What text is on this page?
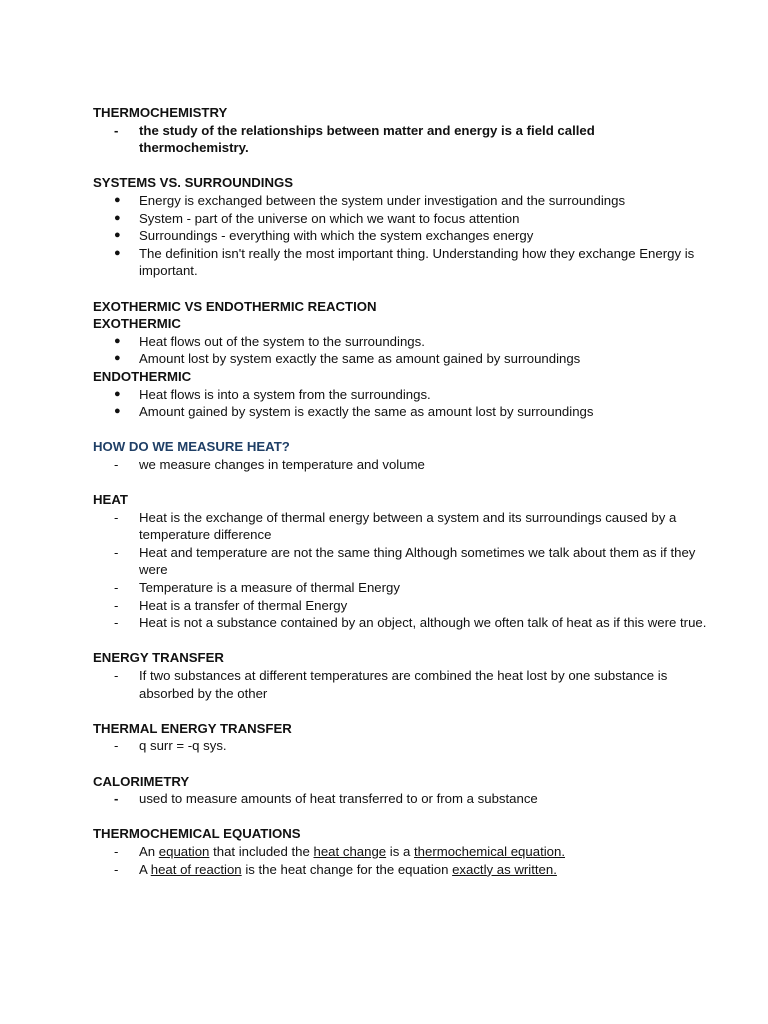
THERMOCHEMISTRY
-	the study of the relationships between matter and energy is a field called thermochemistry.
SYSTEMS VS. SURROUNDINGS
●	Energy is exchanged between the system under investigation and the surroundings
●	System - part of the universe on which we want to focus attention
●	Surroundings - everything with which the system exchanges energy
●	The definition isn't really the most important thing. Understanding how they exchange Energy is important.
EXOTHERMIC VS ENDOTHERMIC REACTION
EXOTHERMIC
●	Heat flows out of the system to the surroundings.
●	Amount lost by system exactly the same as amount gained by surroundings
ENDOTHERMIC
●	Heat flows is into a system from the surroundings.
●	Amount gained by system is exactly the same as amount lost by surroundings
HOW DO WE MEASURE HEAT?
-	we measure changes in temperature and volume
HEAT
-	Heat is the exchange of thermal energy between a system and its surroundings caused by a temperature difference
-	Heat and temperature are not the same thing Although sometimes we talk about them as if they were
-	Temperature is a measure of thermal Energy
-	Heat is a transfer of thermal Energy
-	Heat is not a substance contained by an object, although we often talk of heat as if this were true.
ENERGY TRANSFER
-	If two substances at different temperatures are combined the heat lost by one substance is absorbed by the other
THERMAL ENERGY TRANSFER
-	q surr = -q sys.
CALORIMETRY
-	used to measure amounts of heat transferred to or from a substance
THERMOCHEMICAL EQUATIONS
-	An equation that included the heat change is a thermochemical equation.
-	A heat of reaction is the heat change for the equation exactly as written.
